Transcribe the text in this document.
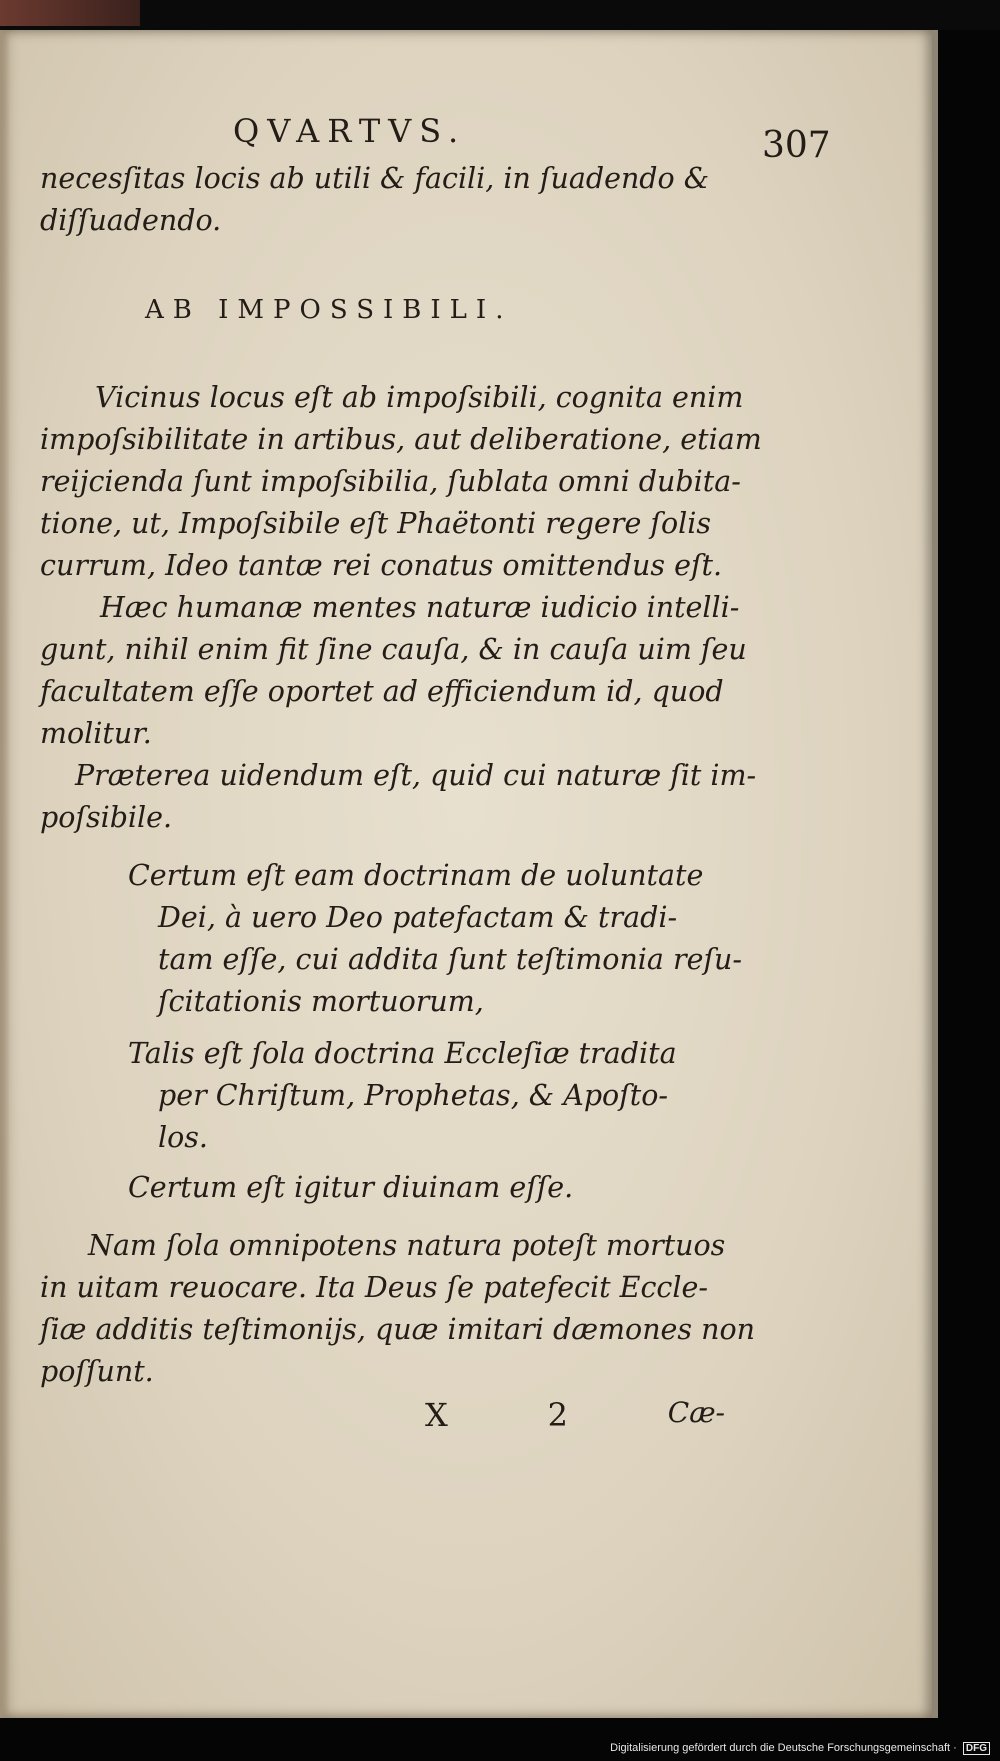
QVARTVS.	307
necesſitas locis ab utili & facili, in ſuadendo &
diſſuadendo.
AB IMPOSSIBILI.
Vicinus locus eſt ab impoſsibili, cognita enim
impoſsibilitate in artibus, aut deliberatione, etiam
reijcienda ſunt impoſsibilia, ſublata omni dubita-
tione, ut, Impoſsibile eſt Phaëtonti regere ſolis
currum, Ideo tantæ rei conatus omittendus eſt.
Hæc humanæ mentes naturæ iudicio intelli-
gunt, nihil enim fit ſine cauſa, & in cauſa uim ſeu
facultatem eſſe oportet ad efficiendum id, quod
molitur.
Præterea uidendum eſt, quid cui naturæ ſit im-
poſsibile.
Certum eſt eam doctrinam de uoluntate
Dei, à uero Deo patefactam & tradi-
tam eſſe, cui addita ſunt teſtimonia reſu-
ſcitationis mortuorum,
Talis eſt ſola doctrina Eccleſiæ tradita
per Chriſtum, Prophetas, & Apoſto-
los.
Certum eſt igitur diuinam eſſe.
Nam ſola omnipotens natura poteſt mortuos
in uitam reuocare. Ita Deus ſe patefecit Eccle-
ſiæ additis teſtimonijs, quæ imitari dæmones non
poſſunt.
X	2	Cæ-
Digitalisierung gefördert durch die Deutsche Forschungsgemeinschaft · DFG
